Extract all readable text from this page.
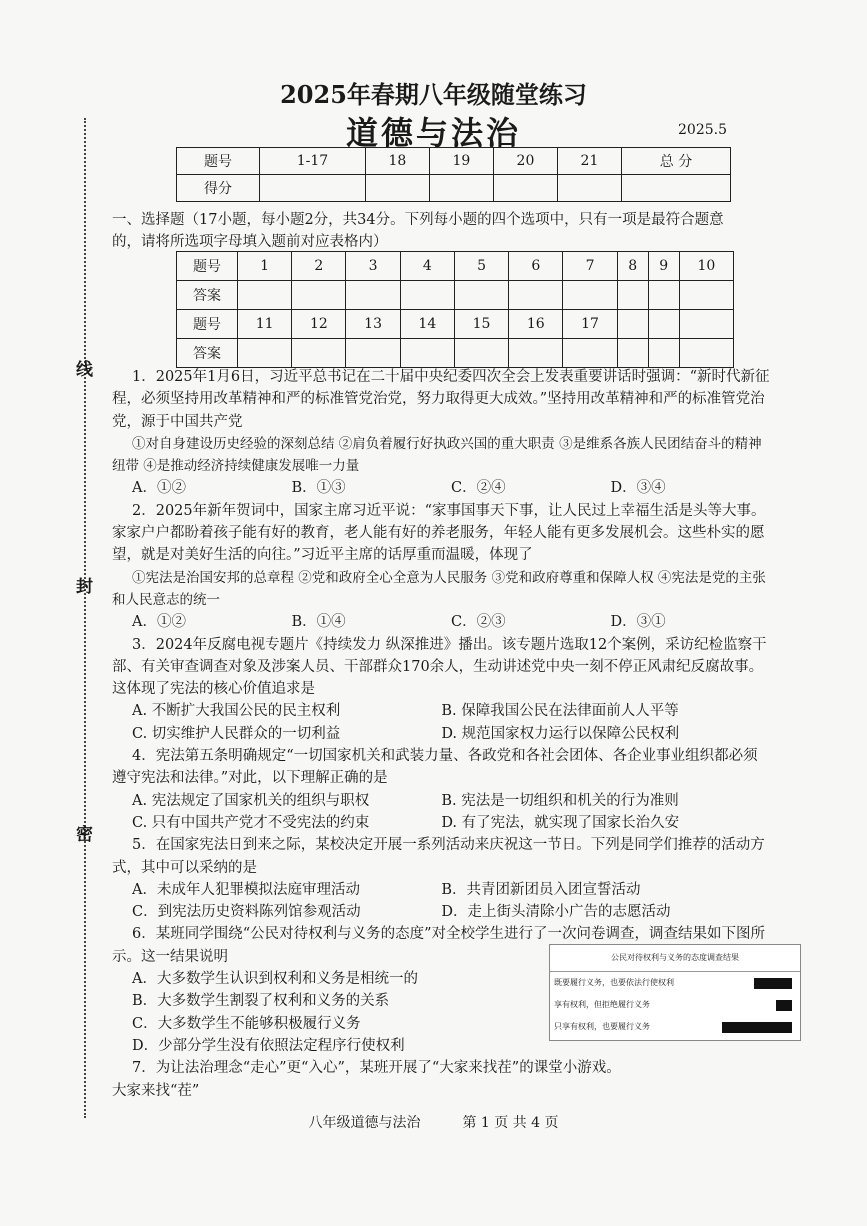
线
封
密
2025年春期八年级随堂练习
道德与法治	2025.5
题号	1-17	18	19	20	21	总 分
得分						
一、选择题（17小题，每小题2分，共34分。下列每小题的四个选项中，只有一项是最符合题意的，请将所选项字母填入题前对应表格内）
题号	1	2	3	4	5	6	7	8	9	10
答案										
题号	11	12	13	14	15	16	17			
答案										

1．2025年1月6日，习近平总书记在二十届中央纪委四次全会上发表重要讲话时强调：“新时代新征程，必须坚持用改革精神和严的标准管党治党，努力取得更大成效。”坚持用改革精神和严的标准管党治党，源于中国共产党

①对自身建设历史经验的深刻总结 ②肩负着履行好执政兴国的重大职责 ③是维系各族人民团结奋斗的精神纽带 ④是推动经济持续健康发展唯一力量

A．①②	B．①③	C．②④	D．③④

2．2025年新年贺词中，国家主席习近平说：“家事国事天下事，让人民过上幸福生活是头等大事。家家户户都盼着孩子能有好的教育，老人能有好的养老服务，年轻人能有更多发展机会。这些朴实的愿望，就是对美好生活的向往。”习近平主席的话厚重而温暖，体现了

①宪法是治国安邦的总章程 ②党和政府全心全意为人民服务 ③党和政府尊重和保障人权 ④宪法是党的主张和人民意志的统一

A．①②	B．①④	C．②③	D．③①

3．2024年反腐电视专题片《持续发力 纵深推进》播出。该专题片选取12个案例，采访纪检监察干部、有关审查调查对象及涉案人员、干部群众170余人，生动讲述党中央一刻不停正风肃纪反腐故事。这体现了宪法的核心价值追求是

A. 不断扩大我国公民的民主权利	B. 保障我国公民在法律面前人人平等
C. 切实维护人民群众的一切利益	D. 规范国家权力运行以保障公民权利

4．宪法第五条明确规定“一切国家机关和武装力量、各政党和各社会团体、各企业事业组织都必须遵守宪法和法律。”对此，以下理解正确的是

A. 宪法规定了国家机关的组织与职权	B. 宪法是一切组织和机关的行为准则
C. 只有中国共产党才不受宪法的约束	D. 有了宪法，就实现了国家长治久安

5．在国家宪法日到来之际，某校决定开展一系列活动来庆祝这一节日。下列是同学们推荐的活动方式，其中可以采纳的是

A．未成年人犯罪模拟法庭审理活动	B．共青团新团员入团宣誓活动
C．到宪法历史资料陈列馆参观活动	D．走上街头清除小广告的志愿活动

6．某班同学围绕“公民对待权利与义务的态度”对全校学生进行了一次问卷调查，调查结果如下图所示。这一结果说明

A．大多数学生认识到权利和义务是相统一的
B．大多数学生割裂了权利和义务的关系
C．大多数学生不能够积极履行义务
D．少部分学生没有依照法定程序行使权利

7．为让法治理念“走心”更“入心”，某班开展了“大家来找茬”的课堂小游戏。

大家来找“茬”

公民对待权利与义务的态度调查结果
既要履行义务，也要依法行使权利
享有权利，但拒绝履行义务
只享有权利，也要履行义务
八年级道德与法治　　　第 1 页 共 4 页
